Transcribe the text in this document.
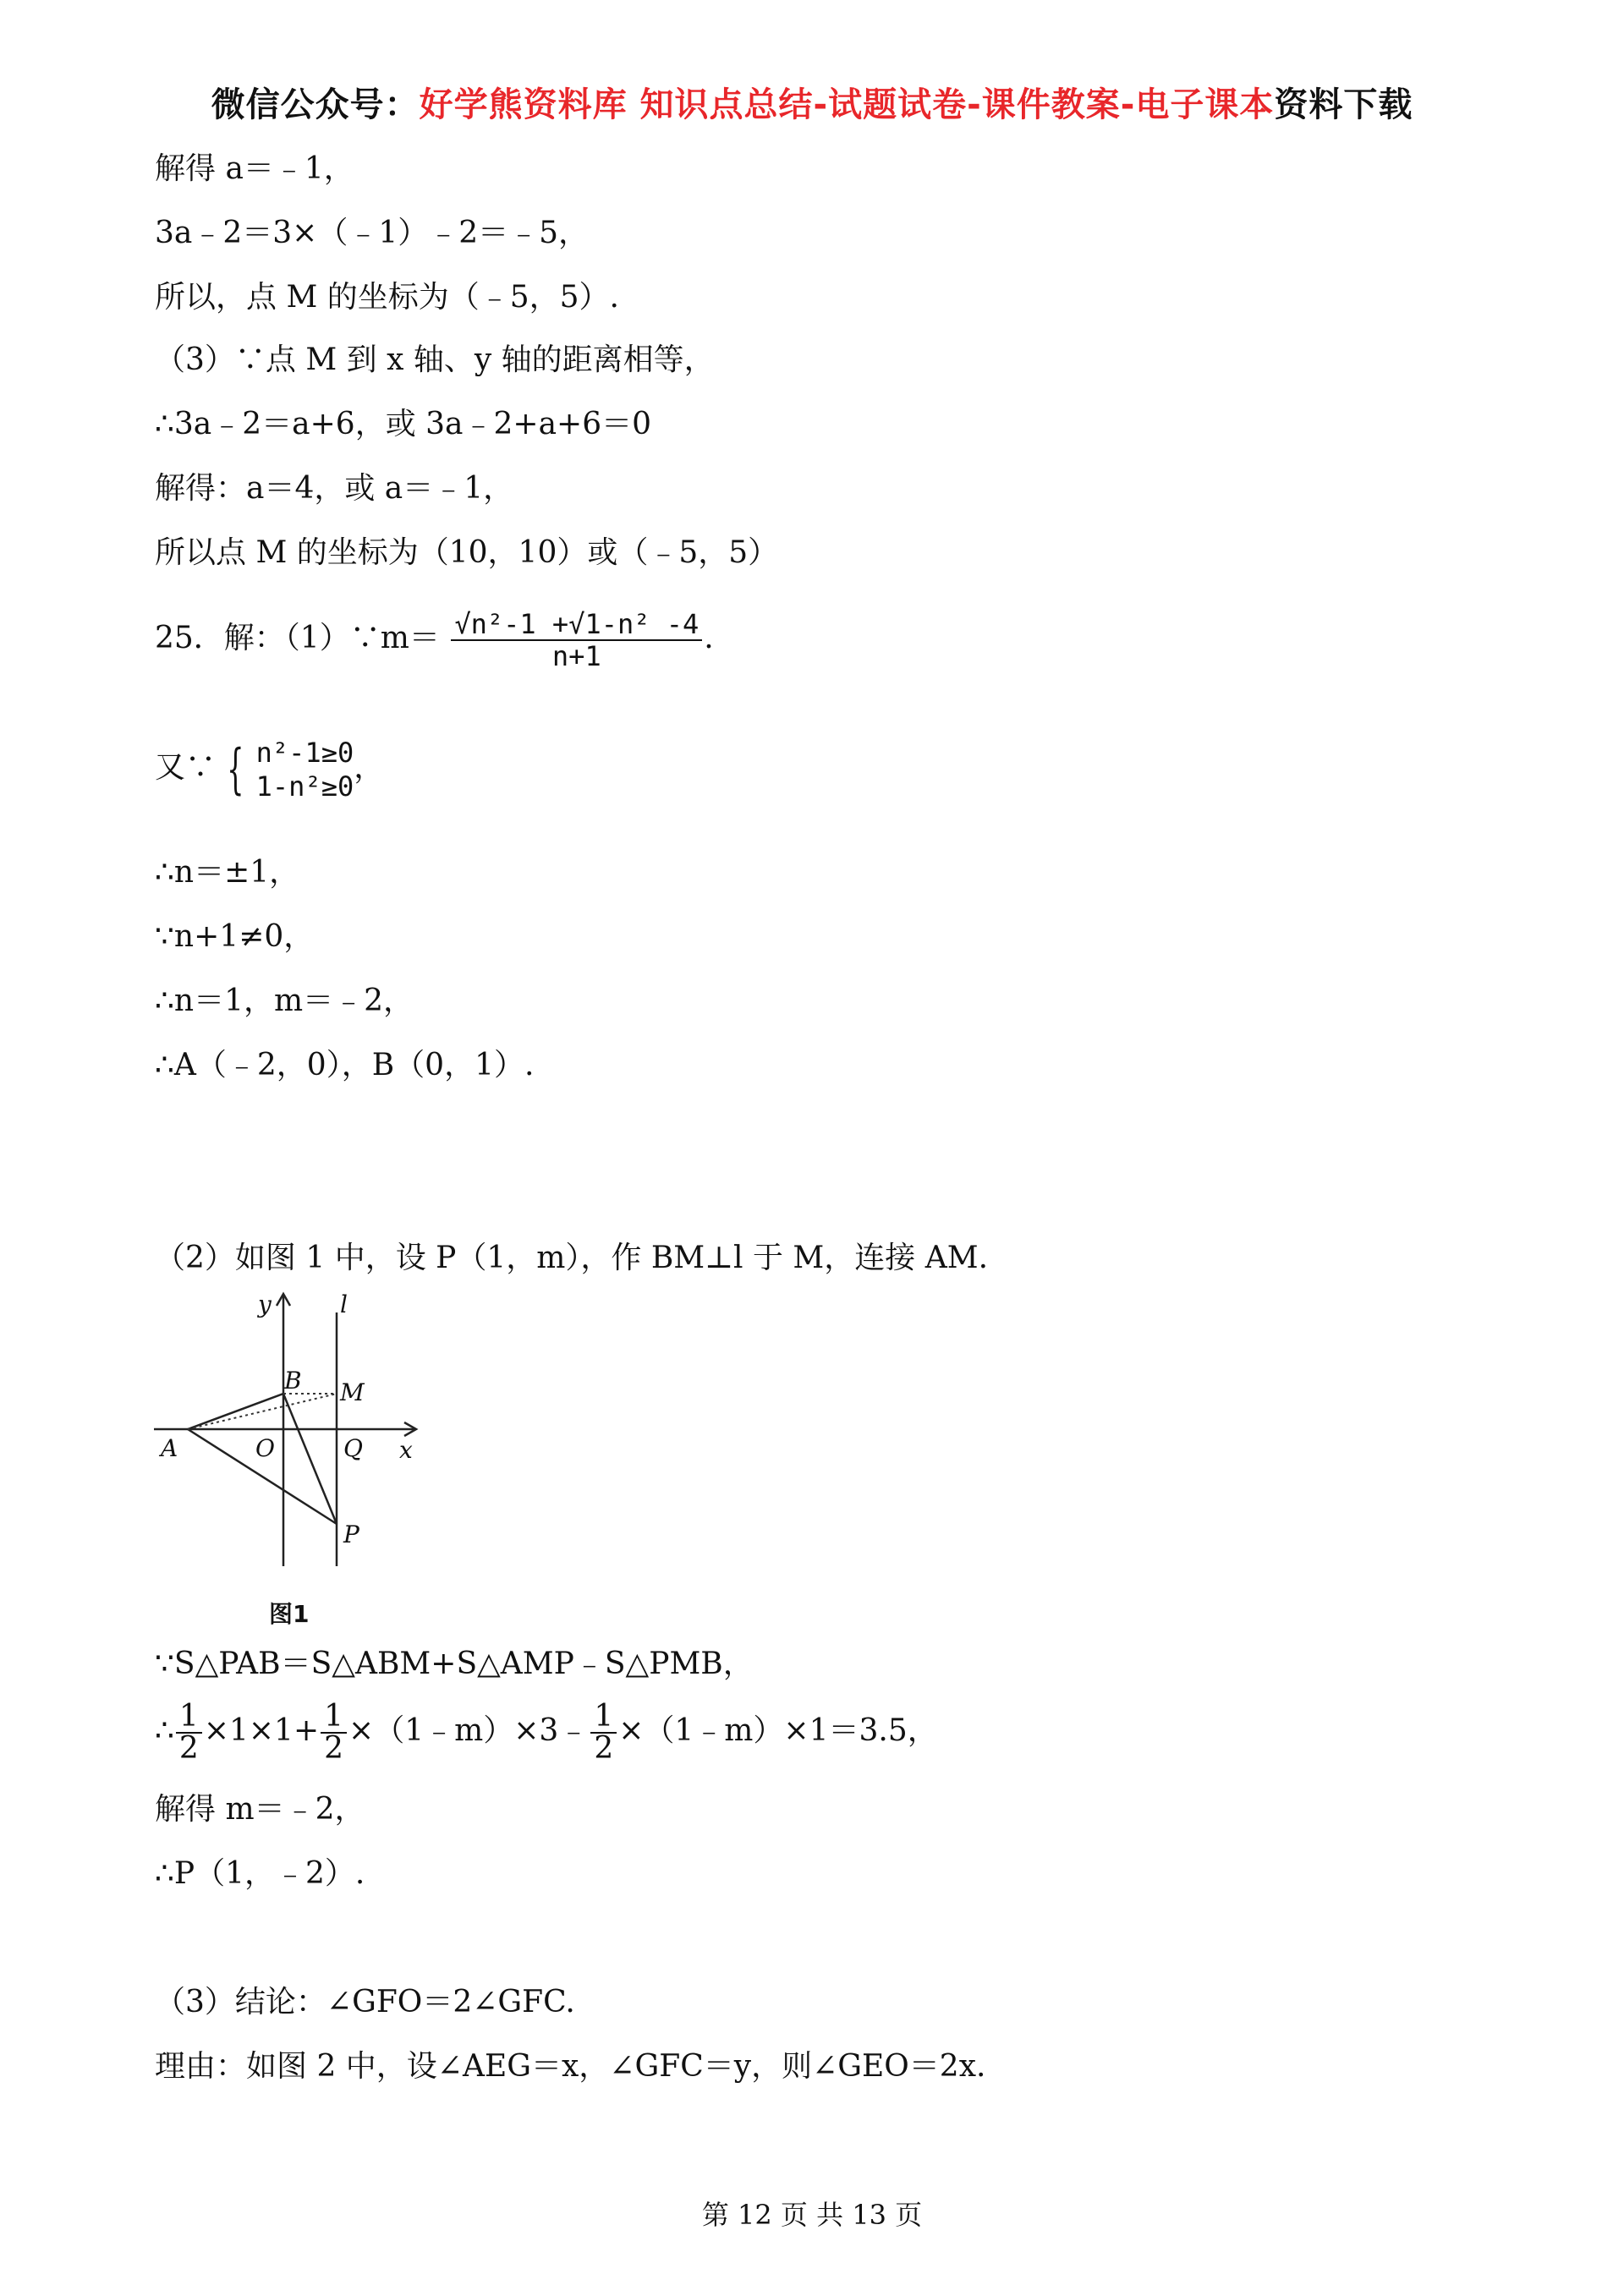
微信公众号：好学熊资料库 知识点总结-试题试卷-课件教案-电子课本资料下载
解得 a＝﹣1，
3a﹣2＝3×（﹣1）﹣2＝﹣5，
所以，点 M 的坐标为（﹣5，5）.
（3）∵点 M 到 x 轴、y 轴的距离相等，
∴3a﹣2＝a+6，或 3a﹣2+a+6＝0
解得：a＝4，或 a＝﹣1，
所以点 M 的坐标为（10，10）或（﹣5，5）
25．解：（1）∵m＝ $\frac{\text{√n²-1 +√1-n² -4}}{n+1}$ .
又∵ { n²-1≥0
1-n²≥0
，
∴n＝±1，
∵n+1≠0，
∴n＝1，m＝﹣2，
∴A（﹣2，0），B（0，1）.
（2）如图 1 中，设 P（1，m），作 BM⊥l 于 M，连接 AM.
y	l
B M
A	O	Q x
P
图1
∵S△PAB＝S△ABM+S△AMP﹣S△PMB，
∴ $\frac{1}{2} \times 1\times 1+ \frac{1}{2}$ ×（1﹣m）×3﹣ $\frac{1}{2}$ ×（1﹣m）×1＝3.5，
解得 m＝﹣2，
∴P（1，﹣2）.
（3）结论：∠GFO＝2∠GFC.
理由：如图 2 中，设∠AEG＝x，∠GFC＝y，则∠GEO＝2x.
第 12 页 共 13 页
